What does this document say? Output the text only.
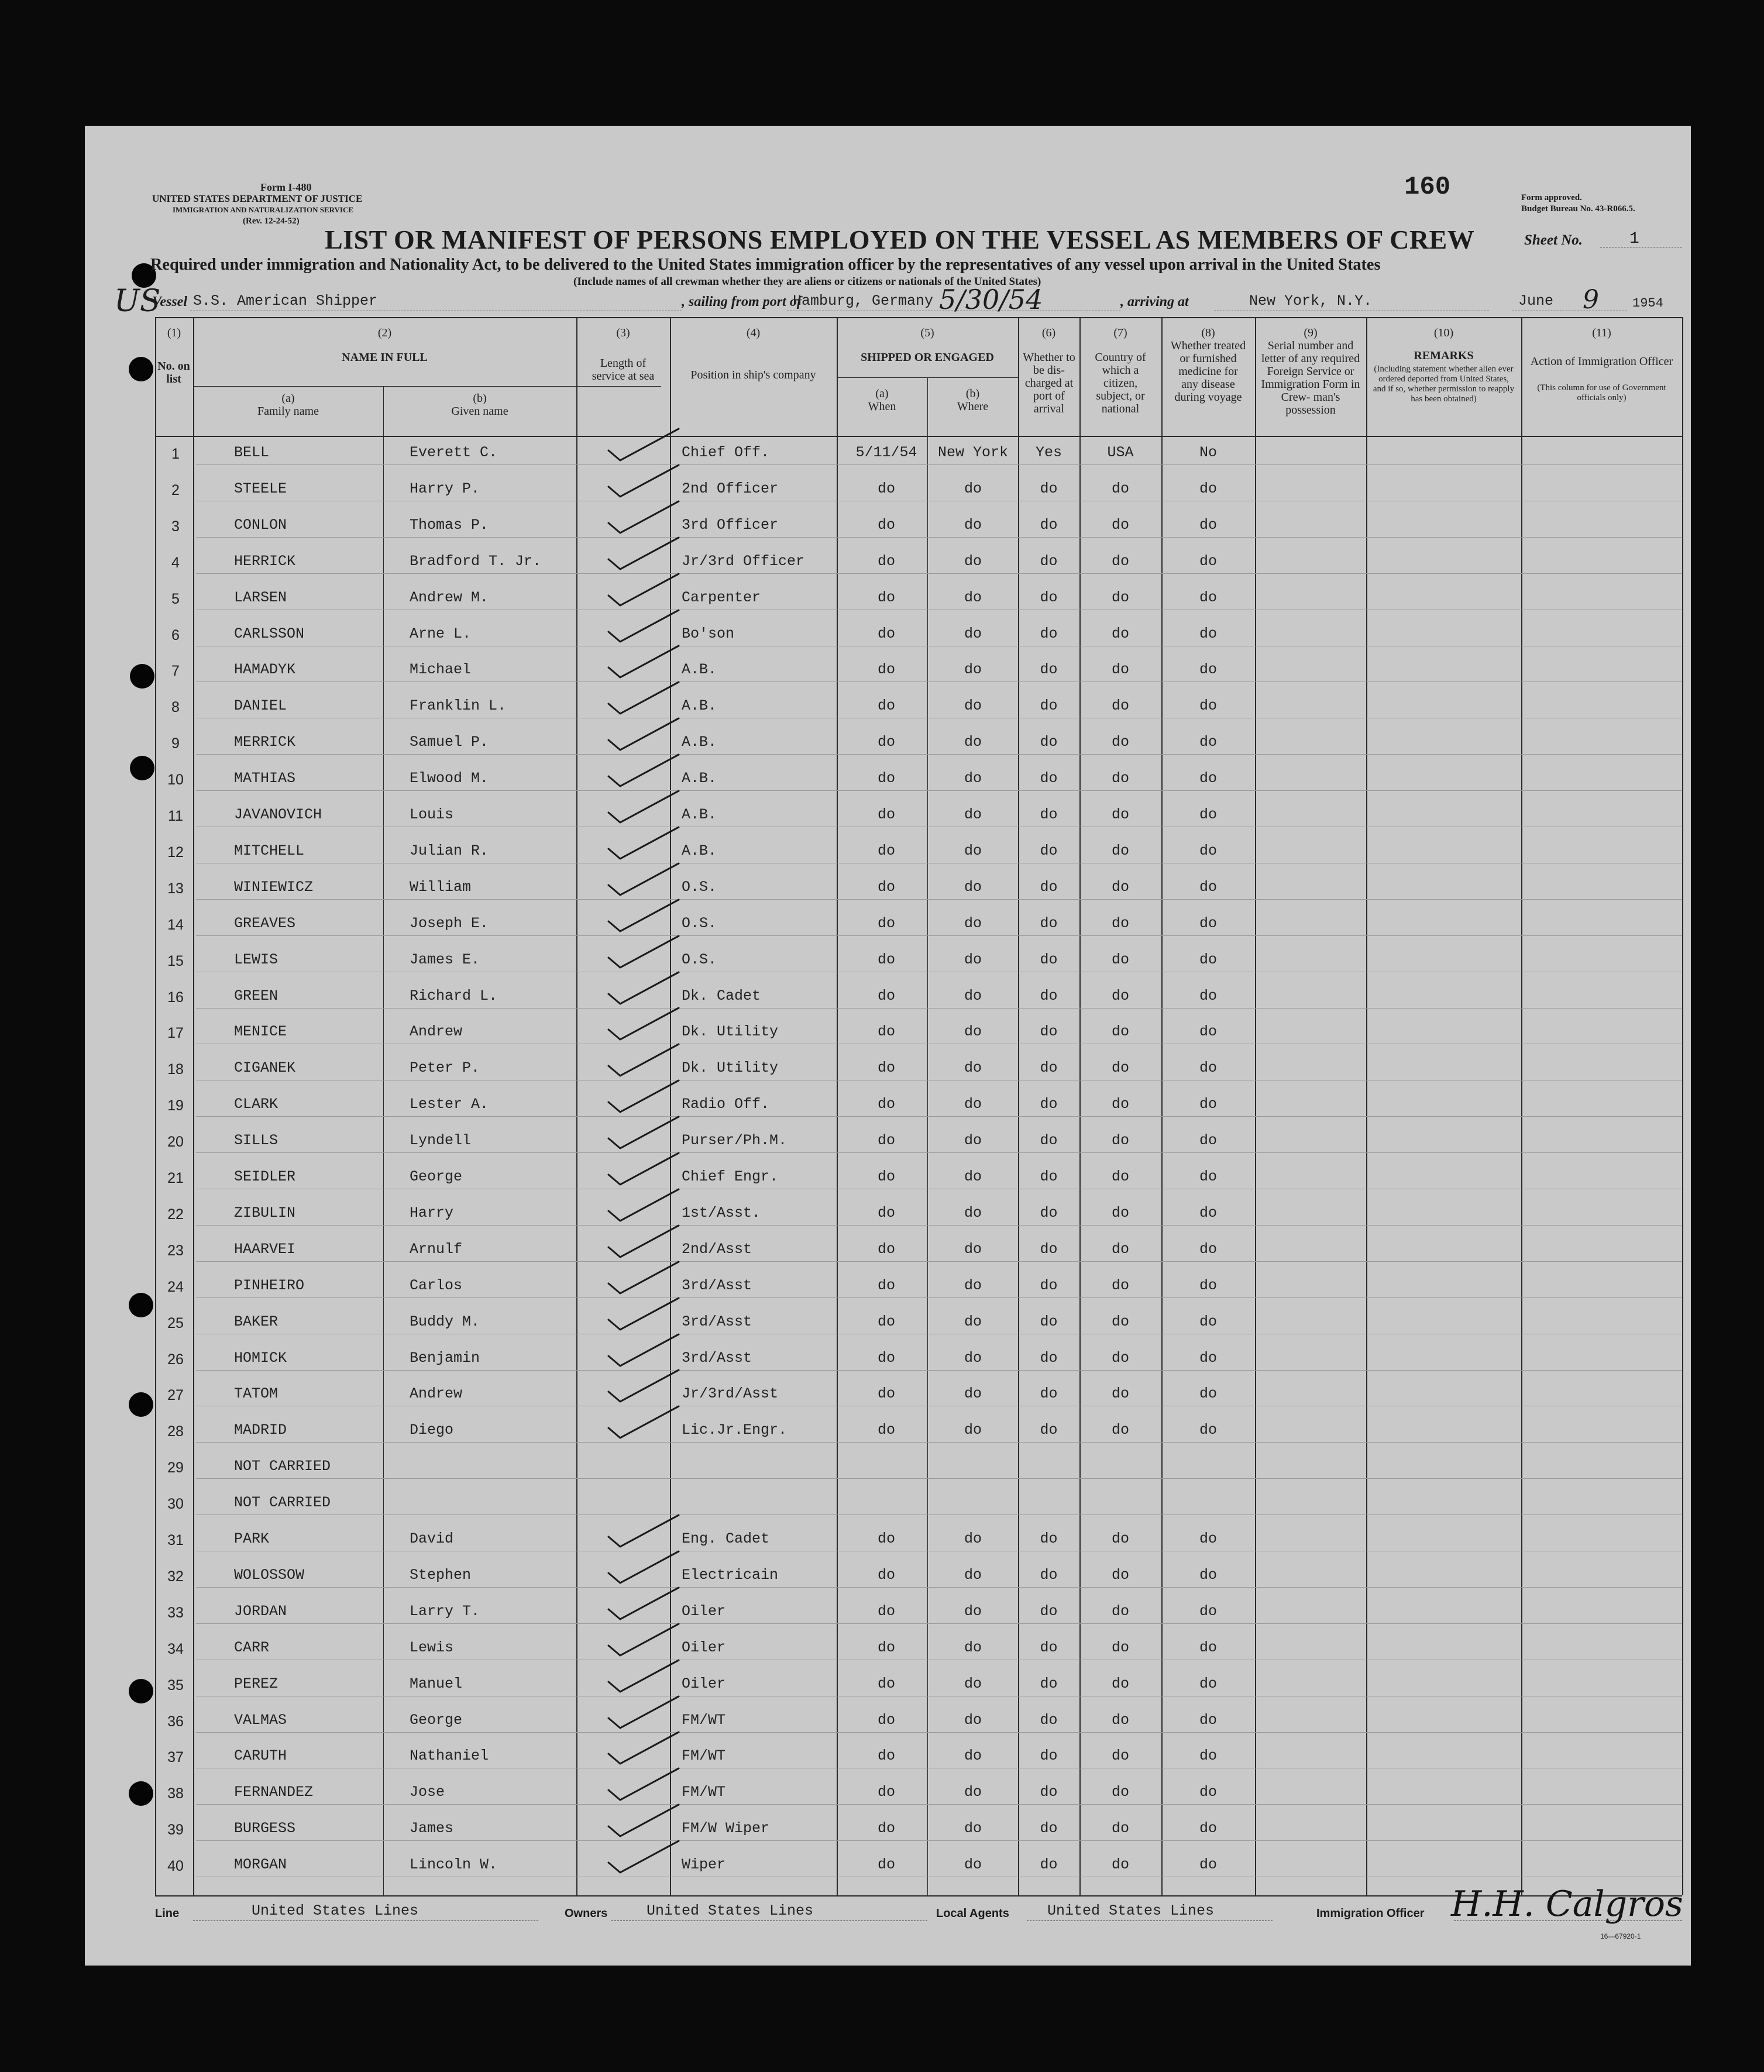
Form I-480
UNITED STATES DEPARTMENT OF JUSTICE
IMMIGRATION AND NATURALIZATION SERVICE
(Rev. 12-24-52)
160	Form approved.
Budget Bureau No. 43-R066.5.
LIST OR MANIFEST OF PERSONS EMPLOYED ON THE VESSEL AS MEMBERS OF CREW	Sheet No.	1
Required under immigration and Nationality Act, to be delivered to the United States immigration officer by the representatives of any vessel upon arrival in the United States
(Include names of all crewman whether they are aliens or citizens or nationals of the United States)
US
Vessel S.S. American Shipper	, sailing from port of
Hamburg, Germany 5/30/54	, arriving at	New York, N.Y.	June 9	1954
(1)	(2)	(3)	(4)	(5)	(6)	(7)	(8)	(9)	(10)	(11)
No. on list
NAME IN FULL
(a)
Family name
(b)
Given name
Length of service at sea	Position in ship's company
SHIPPED OR ENGAGED
(a)
When
(b)
Where
Whether to be dis- charged at port of arrival
Country of which a citizen, subject, or national
Whether treated or furnished medicine for any disease during voyage
Serial number and letter of any required Foreign Service or Immigration Form in Crew- man's possession
REMARKS
(Including statement whether alien ever ordered deported from United States, and if so, whether permission to reapply has been obtained)
Action of Immigration Officer
(This column for use of Government officials only)
1	BELL	Everett C.	Chief Off.	5/11/54	New York	Yes	USA	No
2	STEELE	Harry P.	2nd Officer	do	do	do	do	do
3	CONLON	Thomas P.	3rd Officer	do	do	do	do	do
4	HERRICK	Bradford T. Jr.	Jr/3rd Officer	do	do	do	do	do
5	LARSEN	Andrew M.	Carpenter	do	do	do	do	do
6	CARLSSON	Arne L.	Bo'son	do	do	do	do	do
7	HAMADYK	Michael	A.B.	do	do	do	do	do
8	DANIEL	Franklin L.	A.B.	do	do	do	do	do
9	MERRICK	Samuel P.	A.B.	do	do	do	do	do
10	MATHIAS	Elwood M.	A.B.	do	do	do	do	do
11	JAVANOVICH	Louis	A.B.	do	do	do	do	do
12	MITCHELL	Julian R.	A.B.	do	do	do	do	do
13	WINIEWICZ	William	O.S.	do	do	do	do	do
14	GREAVES	Joseph E.	O.S.	do	do	do	do	do
15	LEWIS	James E.	O.S.	do	do	do	do	do
16	GREEN	Richard L.	Dk. Cadet	do	do	do	do	do
17	MENICE	Andrew	Dk. Utility	do	do	do	do	do
18	CIGANEK	Peter P.	Dk. Utility	do	do	do	do	do
19	CLARK	Lester A.	Radio Off.	do	do	do	do	do
20	SILLS	Lyndell	Purser/Ph.M.	do	do	do	do	do
21	SEIDLER	George	Chief Engr.	do	do	do	do	do
22	ZIBULIN	Harry	1st/Asst.	do	do	do	do	do
23	HAARVEI	Arnulf	2nd/Asst	do	do	do	do	do
24	PINHEIRO	Carlos	3rd/Asst	do	do	do	do	do
25	BAKER	Buddy M.	3rd/Asst	do	do	do	do	do
26	HOMICK	Benjamin	3rd/Asst	do	do	do	do	do
27	TATOM	Andrew	Jr/3rd/Asst	do	do	do	do	do
28	MADRID	Diego	Lic.Jr.Engr.	do	do	do	do	do
29	NOT CARRIED
30	NOT CARRIED
31	PARK	David	Eng. Cadet	do	do	do	do	do
32	WOLOSSOW	Stephen	Electricain	do	do	do	do	do
33	JORDAN	Larry T.	Oiler	do	do	do	do	do
34	CARR	Lewis	Oiler	do	do	do	do	do
35	PEREZ	Manuel	Oiler	do	do	do	do	do
36	VALMAS	George	FM/WT	do	do	do	do	do
37	CARUTH	Nathaniel	FM/WT	do	do	do	do	do
38	FERNANDEZ	Jose	FM/WT	do	do	do	do	do
39	BURGESS	James	FM/W Wiper	do	do	do	do	do
40	MORGAN	Lincoln W.	Wiper	do	do	do	do	do
Line	United States Lines	Owners	United States Lines	Local Agents	United States Lines	Immigration Officer H.H. Calgros
16—67920-1
